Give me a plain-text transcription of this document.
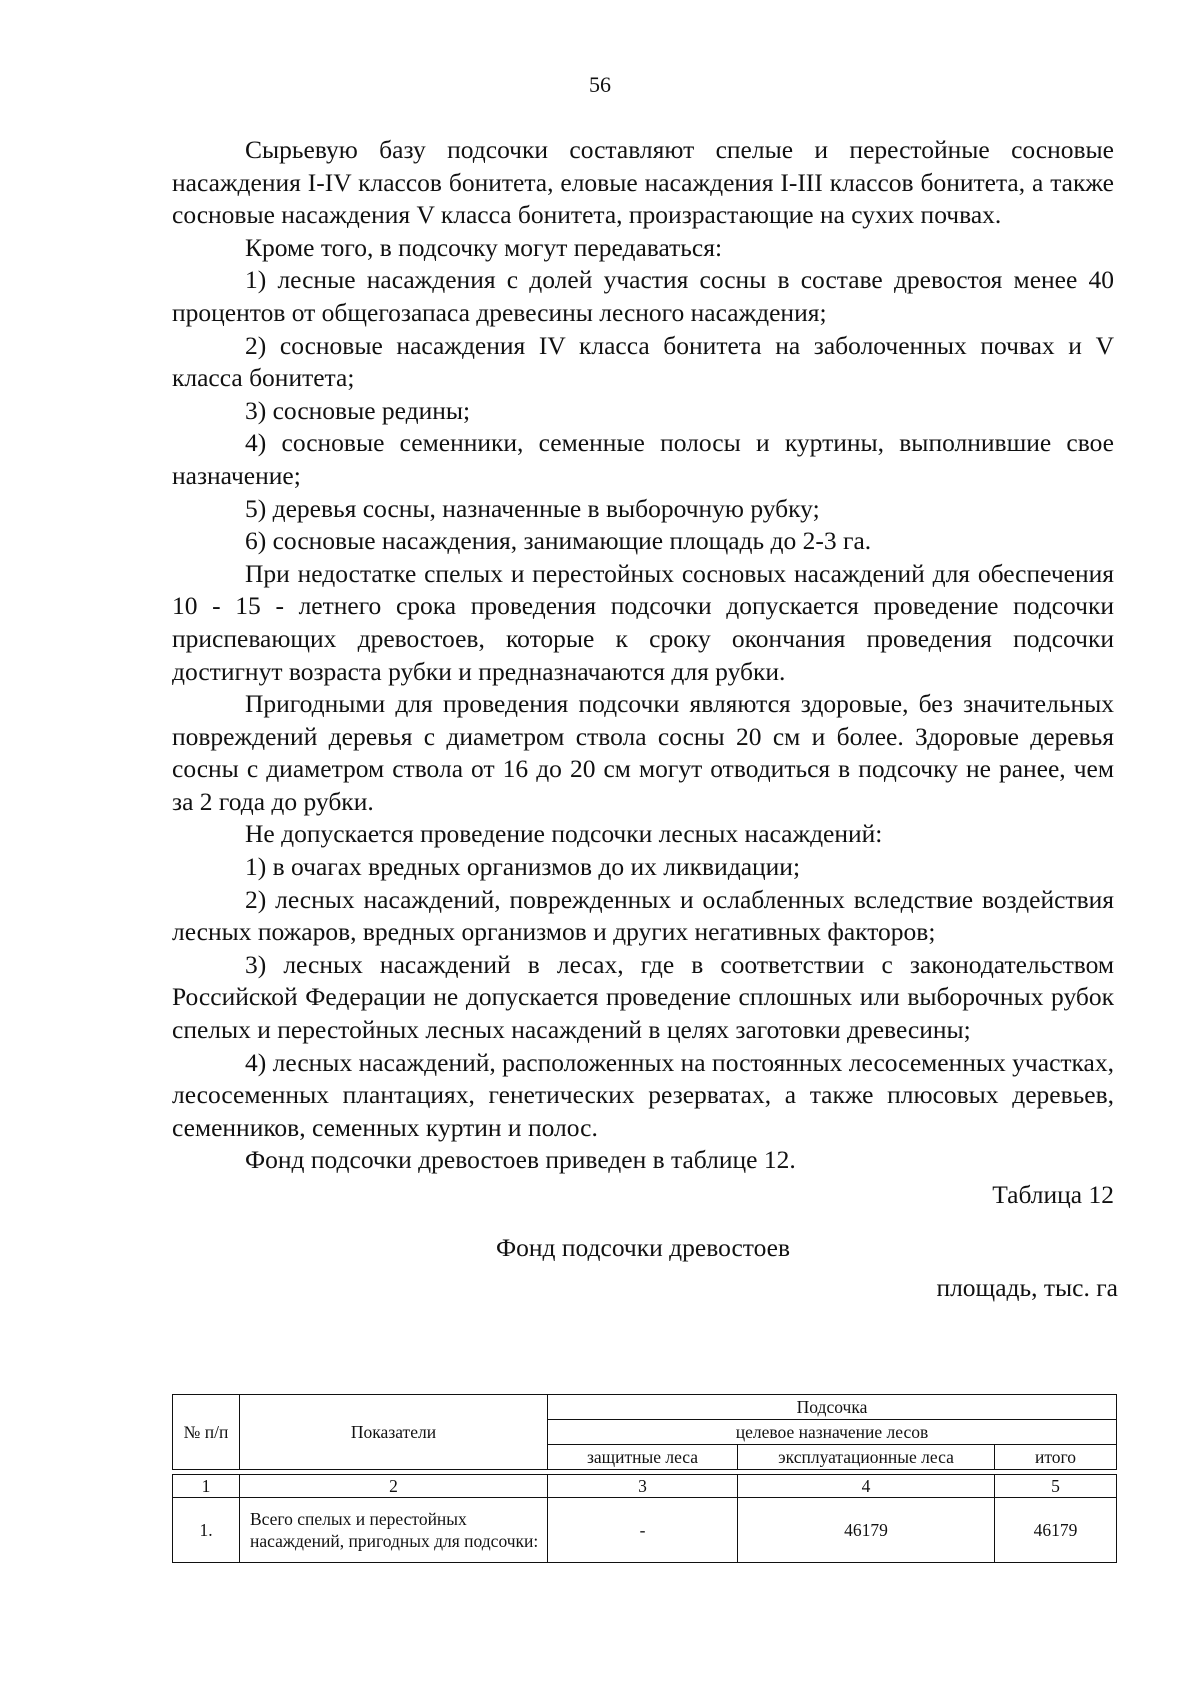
56

Сырьевую базу подсочки составляют спелые и перестойные сосновые насаждения I-IV классов бонитета, еловые насаждения I-III классов бонитета, а также сосновые насаждения V класса бонитета, произрастающие на сухих почвах.

Кроме того, в подсочку могут передаваться:

1) лесные насаждения с долей участия сосны в составе древостоя менее 40 процентов от общегозапаса древесины лесного насаждения;

2) сосновые насаждения IV класса бонитета на заболоченных почвах и V класса бонитета;

3) сосновые редины;

4) сосновые семенники, семенные полосы и куртины, выполнившие свое назначение;

5) деревья сосны, назначенные в выборочную рубку;

6) сосновые насаждения, занимающие площадь до 2-3 га.

При недостатке спелых и перестойных сосновых насаждений для обеспечения 10 - 15 - летнего срока проведения подсочки допускается проведение подсочки приспевающих древостоев, которые к сроку окончания проведения подсочки достигнут возраста рубки и предназначаются для рубки.

Пригодными для проведения подсочки являются здоровые, без значительных повреждений деревья с диаметром ствола сосны 20 см и более. Здоровые деревья сосны с диаметром ствола от 16 до 20 см могут отводиться в подсочку не ранее, чем за 2 года до рубки.

Не допускается проведение подсочки лесных насаждений:

1) в очагах вредных организмов до их ликвидации;

2) лесных насаждений, поврежденных и ослабленных вследствие воздействия лесных пожаров, вредных организмов и других негативных факторов;

3) лесных насаждений в лесах, где в соответствии с законодательством Российской Федерации не допускается проведение сплошных или выборочных рубок спелых и перестойных лесных насаждений в целях заготовки древесины;

4) лесных насаждений, расположенных на постоянных лесосеменных участках, лесосеменных плантациях, генетических резерватах, а также плюсовых деревьев, семенников, семенных куртин и полос.

Фонд подсочки древостоев приведен в таблице 12.

Таблица 12

Фонд подсочки древостоев

площадь, тыс. га

№ п/п	Показатели	Подсочка		
		целевое назначение лесов		
		защитные леса	эксплуатационные леса	итого

1	2	3	4	5
1.	Всего спелых и перестойных насаждений, пригодных для подсочки:	-	46179	46179
